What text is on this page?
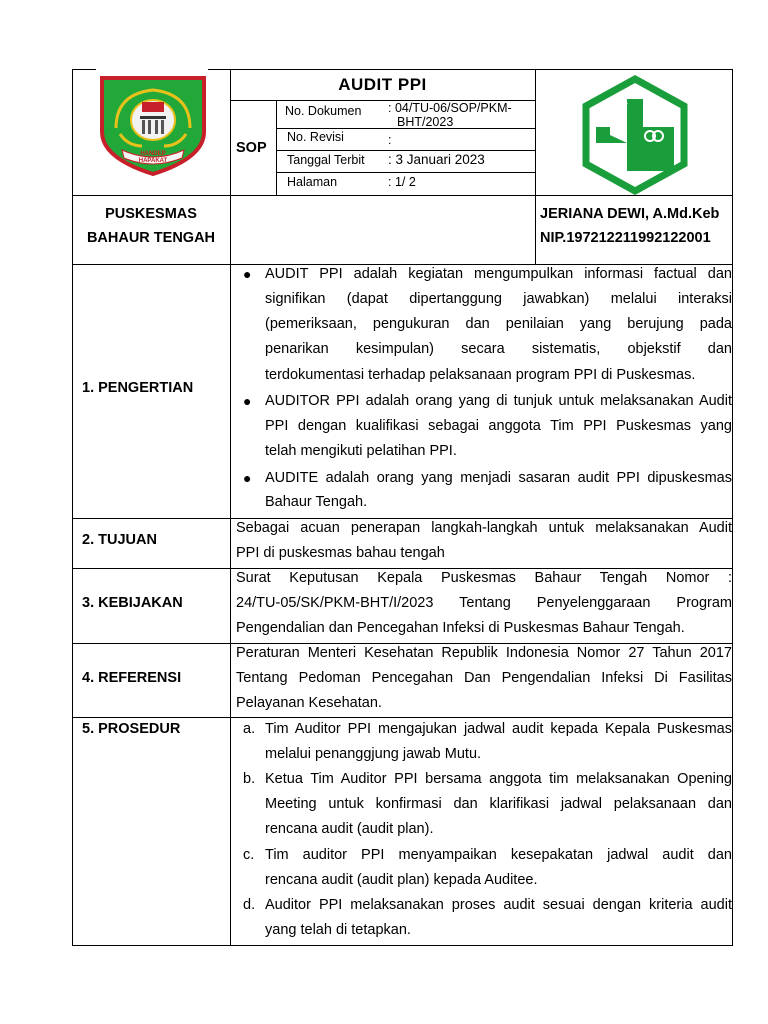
HANDEP HAPAKAT
AUDIT PPI
SOP
No. Dokumen : 04/TU-06/SOP/PKM-
BHT/2023
No. Revisi	:
Tanggal Terbit : 3 Januari 2023
Halaman	: 1/ 2
PUSKESMAS
BAHAUR TENGAH
JERIANA DEWI, A.Md.Keb
NIP.197212211992122001
1. PENGERTIAN
● AUDIT PPI adalah kegiatan mengumpulkan informasi factual dan
signifikan (dapat dipertanggung jawabkan) melalui interaksi
(pemeriksaan, pengukuran dan penilaian yang berujung pada
penarikan kesimpulan) secara sistematis, objekstif dan
terdokumentasi terhadap pelaksanaan program PPI di Puskesmas.
● AUDITOR PPI adalah orang yang di tunjuk untuk melaksanakan Audit
PPI dengan kualifikasi sebagai anggota Tim PPI Puskesmas yang
telah mengikuti pelatihan PPI.
● AUDITE adalah orang yang menjadi sasaran audit PPI dipuskesmas
Bahaur Tengah.
2. TUJUAN
Sebagai acuan penerapan langkah-langkah untuk melaksanakan Audit
PPI di puskesmas bahau tengah
3. KEBIJAKAN
Surat Keputusan Kepala Puskesmas Bahaur Tengah Nomor :
24/TU-05/SK/PKM-BHT/I/2023 Tentang Penyelenggaraan Program
Pengendalian dan Pencegahan Infeksi di Puskesmas Bahaur Tengah.
4. REFERENSI
Peraturan Menteri Kesehatan Republik Indonesia Nomor 27 Tahun 2017
Tentang Pedoman Pencegahan Dan Pengendalian Infeksi Di Fasilitas
Pelayanan Kesehatan.
5. PROSEDUR	a. Tim Auditor PPI mengajukan jadwal audit kepada Kepala Puskesmas
melalui penanggjung jawab Mutu.
b. Ketua Tim Auditor PPI bersama anggota tim melaksanakan Opening
Meeting untuk konfirmasi dan klarifikasi jadwal pelaksanaan dan
rencana audit (audit plan).
c. Tim auditor PPI menyampaikan kesepakatan jadwal audit dan
rencana audit (audit plan) kepada Auditee.
d. Auditor PPI melaksanakan proses audit sesuai dengan kriteria audit
yang telah di tetapkan.
